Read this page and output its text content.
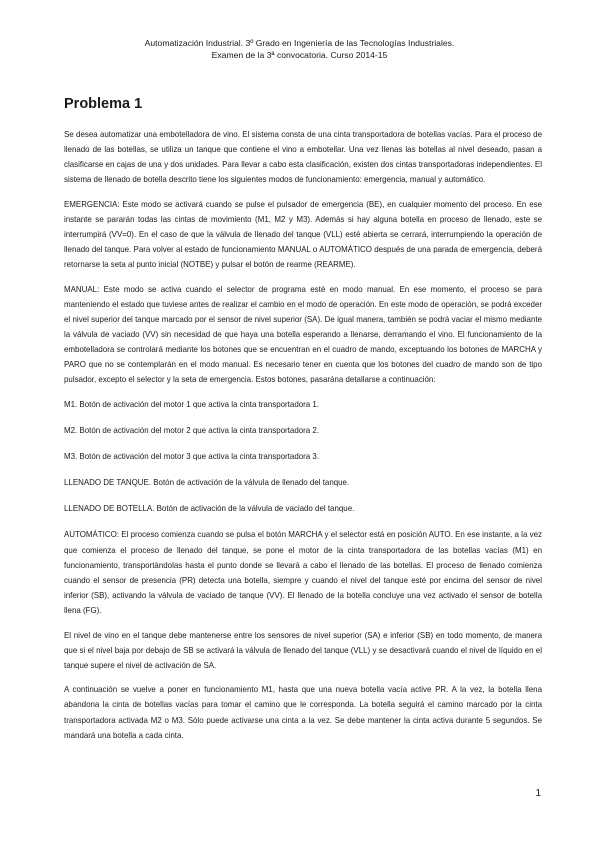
Automatización Industrial. 3º Grado en Ingeniería de las Tecnologías Industriales.
Examen de la 3ª convocatoria. Curso 2014-15
Problema 1

Se desea automatizar una embotelladora de vino. El sistema consta de una cinta transportadora de botellas vacías. Para el proceso de llenado de las botellas, se utiliza un tanque que contiene el vino a embotellar. Una vez llenas las botellas al nivel deseado, pasan a clasificarse en cajas de una y dos unidades. Para llevar a cabo esta clasificación, existen dos cintas transportadoras independientes. El sistema de llenado de botella descrito tiene los siguientes modos de funcionamiento: emergencia, manual y automático.

EMERGENCIA: Este modo se activará cuando se pulse el pulsador de emergencia (BE), en cualquier momento del proceso. En ese instante se pararán todas las cintas de movimiento (M1, M2 y M3). Además si hay alguna botella en proceso de llenado, este se interrumpirá (VV=0). En el caso de que la válvula de llenado del tanque (VLL) esté abierta se cerrará, interrumpiendo la operación de llenado del tanque. Para volver al estado de funcionamiento MANUAL o AUTOMÁTICO después de una parada de emergencia, deberá retornarse la seta al punto inicial (NOTBE) y pulsar el botón de rearme (REARME).

MANUAL: Este modo se activa cuando el selector de programa esté en modo manual. En ese momento, el proceso se para manteniendo el estado que tuviese antes de realizar el cambio en el modo de operación. En este modo de operación, se podrá exceder el nivel superior del tanque marcado por el sensor de nivel superior (SA). De igual manera, también se podrá vaciar el mismo mediante la válvula de vaciado (VV) sin necesidad de que haya una botella esperando a llenarse, derramando el vino. El funcionamiento de la embotelladora se controlará mediante los botones que se encuentran en el cuadro de mando, exceptuando los botones de MARCHA y PARO que no se contemplarán en el modo manual. Es necesario tener en cuenta que los botones del cuadro de mando son de tipo pulsador, excepto el selector y la seta de emergencia. Estos botones, pasarána detallarse a continuación:

M1. Botón de activación del motor 1 que activa la cinta transportadora 1.

M2. Botón de activación del motor 2 que activa la cinta transportadora 2.

M3. Botón de activación del motor 3 que activa la cinta transportadora 3.

LLENADO DE TANQUE. Botón de activación de la válvula de llenado del tanque.

LLENADO DE BOTELLA. Botón de activación de la válvula de vaciado del tanque.

AUTOMÁTICO: El proceso comienza cuando se pulsa el botón MARCHA y el selector está en posición AUTO. En ese instante, a la vez que comienza el proceso de llenado del tanque, se pone el motor de la cinta transportadora de las botellas vacías (M1) en funcionamiento, transportándolas hasta el punto donde se llevará a cabo el llenado de las botellas. El proceso de llenado comienza cuando el sensor de presencia (PR) detecta una botella, siempre y cuando el nivel del tanque esté por encima del sensor de nivel inferior (SB), activando la válvula de vaciado de tanque (VV). El llenado de la botella concluye una vez activado el sensor de botella llena (FG).

El nivel de vino en el tanque debe mantenerse entre los sensores de nivel superior (SA) e inferior (SB) en todo momento, de manera que si el nivel baja por debajo de SB se activará la válvula de llenado del tanque (VLL) y se desactivará cuando el nivel de líquido en el tanque supere el nivel de activación de SA.

A continuación se vuelve a poner en funcionamiento M1, hasta que una nueva botella vacía active PR. A la vez, la botella llena abandona la cinta de botellas vacías para tomar el camino que le corresponda. La botella seguirá el camino marcado por la cinta transportadora activada M2 o M3. Sólo puede activarse una cinta a la vez. Se debe mantener la cinta activa durante 5 segundos. Se mandará una botella a cada cinta.

1
